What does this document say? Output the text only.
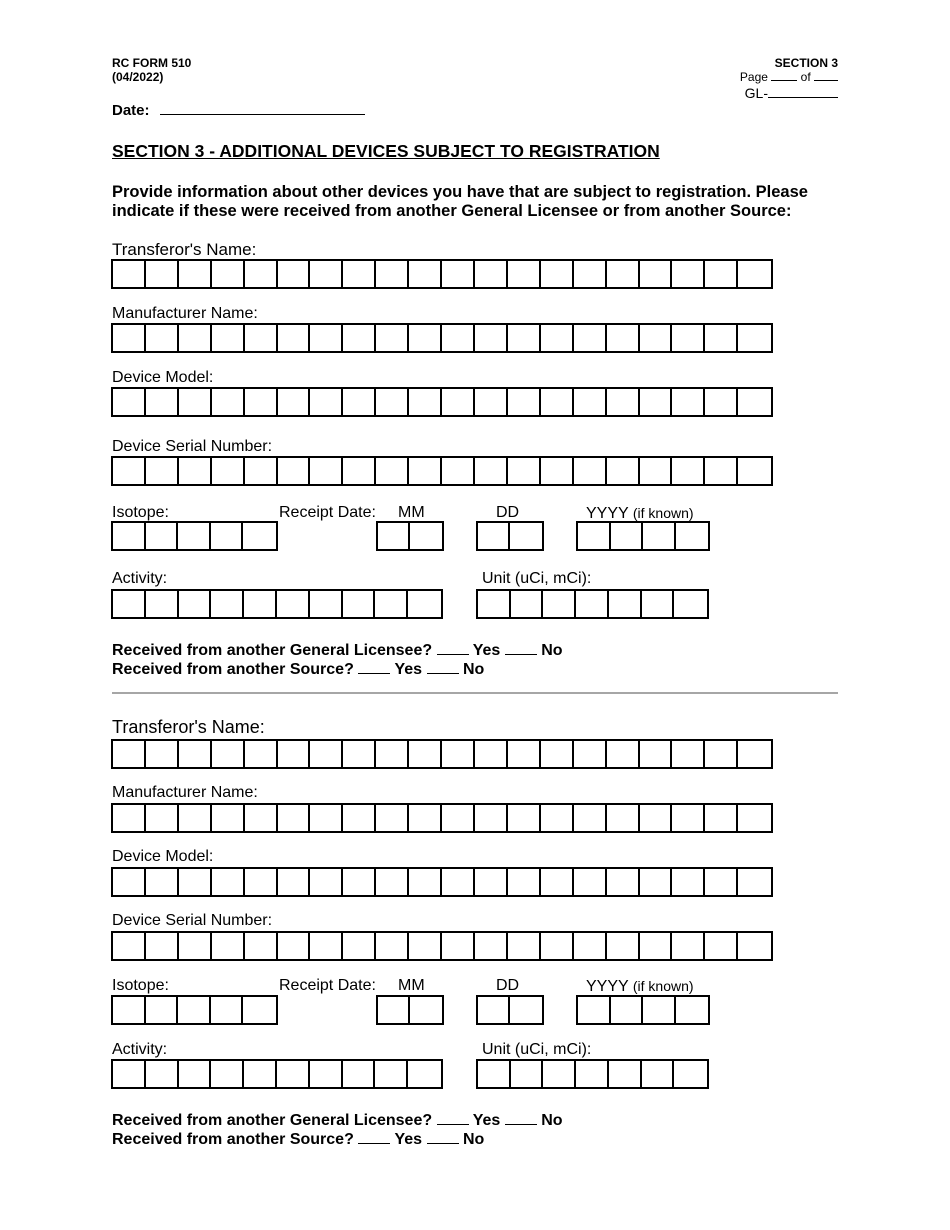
RC FORM 510
(04/2022)
SECTION 3
Page	of
GL-
Date:
SECTION 3 - ADDITIONAL DEVICES SUBJECT TO REGISTRATION
Provide information about other devices you have that are subject to registration. Please
indicate if these were received from another General Licensee or from another Source:
Transferor's Name:
Manufacturer Name:
Device Model:
Device Serial Number:
Isotope:	Receipt Date: MM	DD	YYYY (if known)
Activity:	Unit (uCi, mCi):
Received from another General Licensee?	Yes	No
Received from another Source?	Yes	No
Transferor's Name:
Manufacturer Name:
Device Model:
Device Serial Number:
Isotope:	Receipt Date: MM	DD	YYYY (if known)
Activity:	Unit (uCi, mCi):
Received from another General Licensee?	Yes	No
Received from another Source?	Yes	No
